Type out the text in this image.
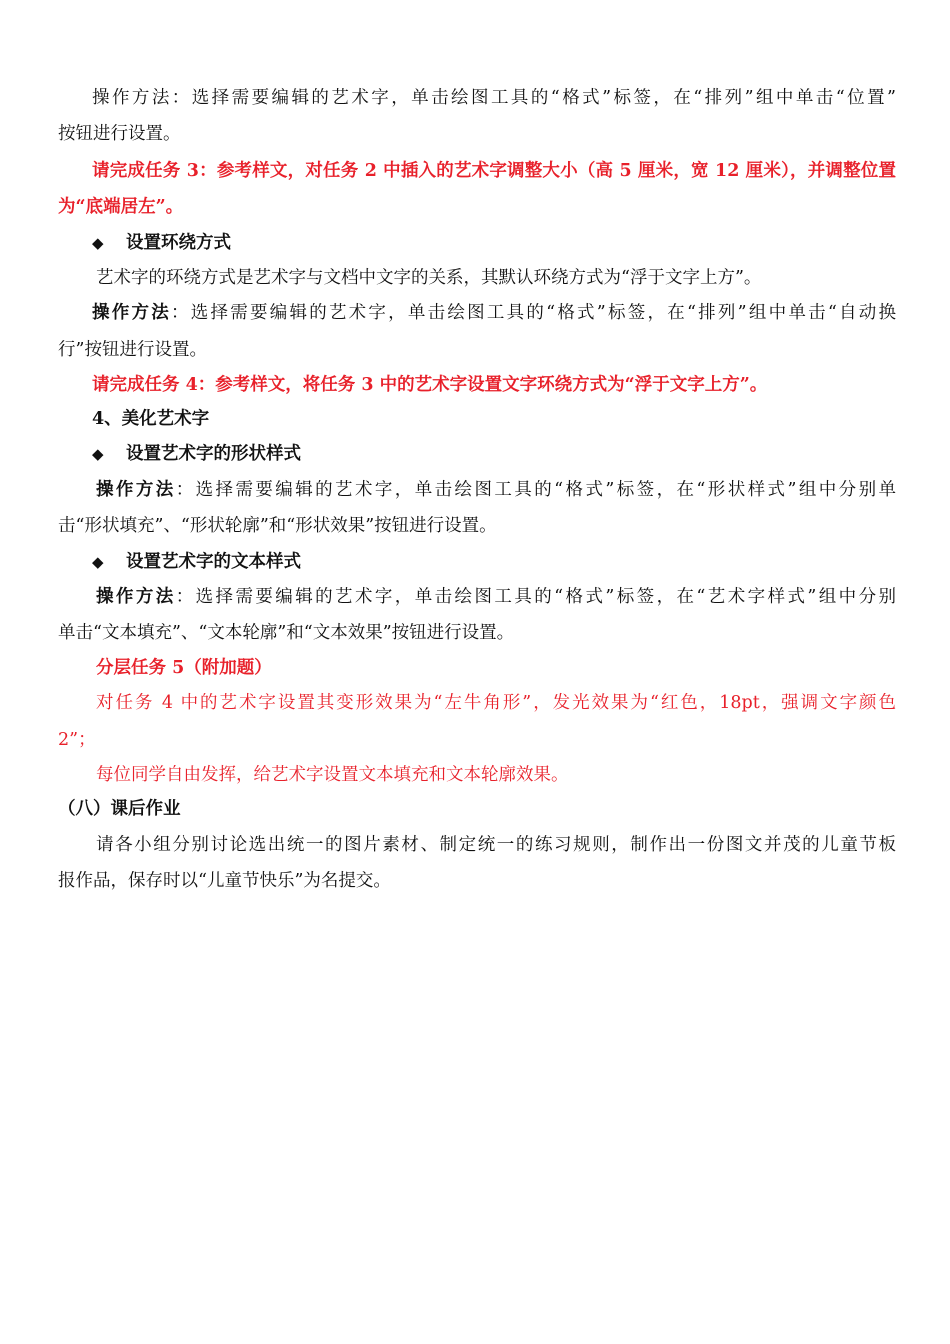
操作方法：选择需要编辑的艺术字，单击绘图工具的“格式”标签，在“排列”组中单击“位置”
按钮进行设置。
请完成任务 3：参考样文，对任务 2 中插入的艺术字调整大小（高 5 厘米，宽 12 厘米），并调整位置
为“底端居左”。
◆ 设置环绕方式
艺术字的环绕方式是艺术字与文档中文字的关系，其默认环绕方式为“浮于文字上方”。
操作方法：选择需要编辑的艺术字，单击绘图工具的“格式”标签，在“排列”组中单击“自动换
行”按钮进行设置。
请完成任务 4：参考样文，将任务 3 中的艺术字设置文字环绕方式为“浮于文字上方”。
4、美化艺术字
◆ 设置艺术字的形状样式
操作方法：选择需要编辑的艺术字，单击绘图工具的“格式”标签，在“形状样式”组中分别单
击“形状填充”、“形状轮廓”和“形状效果”按钮进行设置。
◆ 设置艺术字的文本样式
操作方法：选择需要编辑的艺术字，单击绘图工具的“格式”标签，在“艺术字样式”组中分别
单击“文本填充”、“文本轮廓”和“文本效果”按钮进行设置。
分层任务 5（附加题）
对任务 4 中的艺术字设置其变形效果为“左牛角形”，发光效果为“红色，18pt，强调文字颜色
2”；
每位同学自由发挥，给艺术字设置文本填充和文本轮廓效果。
（八）课后作业
请各小组分别讨论选出统一的图片素材、制定统一的练习规则，制作出一份图文并茂的儿童节板
报作品，保存时以“儿童节快乐”为名提交。
